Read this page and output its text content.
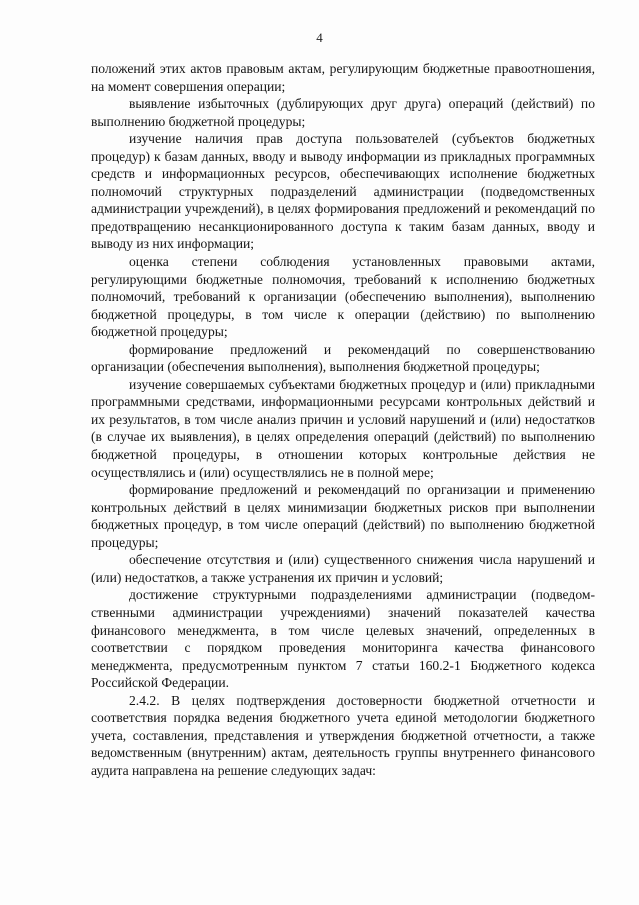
4

положений этих актов правовым актам, регулирующим бюджетные правоотношения, на момент совершения операции;

выявление избыточных (дублирующих друг друга) операций (действий) по выполнению бюджетной процедуры;

изучение наличия прав доступа пользователей (субъектов бюджетных процедур) к базам данных, вводу и выводу информации из прикладных программных средств и информационных ресурсов, обеспечивающих исполнение бюджетных полномочий структурных подразделений администрации (подведомственных администрации учреждений), в целях формирования предложений и рекомендаций по предотвращению несанкционированного доступа к таким базам данных, вводу и выводу из них информации;

оценка степени соблюдения установленных правовыми актами, регулирующими бюджетные полномочия, требований к исполнению бюджетных полномочий, требований к организации (обеспечению выполнения), выполнению бюджетной процедуры, в том числе к операции (действию) по выполнению бюджетной процедуры;

формирование предложений и рекомендаций по совершенствованию организации (обеспечения выполнения), выполнения бюджетной процедуры;

изучение совершаемых субъектами бюджетных процедур и (или) прикладными программными средствами, информационными ресурсами контрольных действий и их результатов, в том числе анализ причин и условий нарушений и (или) недостатков (в случае их выявления), в целях определения операций (действий) по выполнению бюджетной процедуры, в отношении которых контрольные действия не осуществлялись и (или) осуществлялись не в полной мере;

формирование предложений и рекомендаций по организации и применению контрольных действий в целях минимизации бюджетных рисков при выполнении бюджетных процедур, в том числе операций (действий) по выполнению бюджетной процедуры;

обеспечение отсутствия и (или) существенного снижения числа нарушений и (или) недостатков, а также устранения их причин и условий;

достижение структурными подразделениями администрации (подведомственными администрации учреждениями) значений показателей качества финансового менеджмента, в том числе целевых значений, определенных в соответствии с порядком проведения мониторинга качества финансового менеджмента, предусмотренным пунктом 7 статьи 160.2-1 Бюджетного кодекса Российской Федерации.

2.4.2. В целях подтверждения достоверности бюджетной отчетности и соответствия порядка ведения бюджетного учета единой методологии бюджетного учета, составления, представления и утверждения бюджетной отчетности, а также ведомственным (внутренним) актам, деятельность группы внутреннего финансового аудита направлена на решение следующих задач:
